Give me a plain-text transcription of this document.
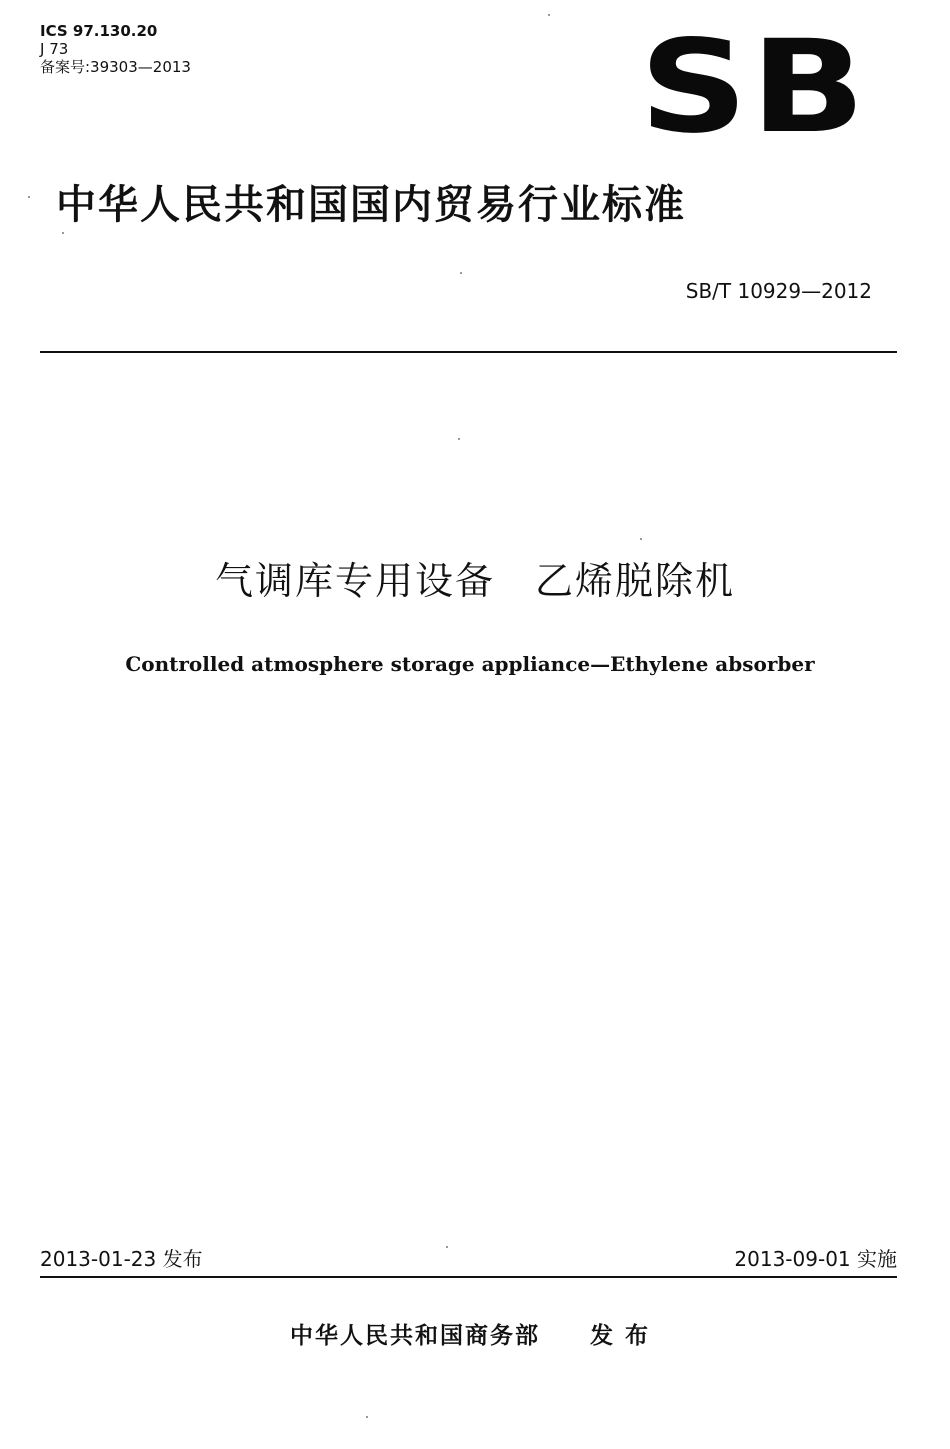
ICS 97.130.20
J 73
备案号:39303—2013	SB
中华人民共和国国内贸易行业标准
SB/T 10929—2012
气调库专用设备　乙烯脱除机
Controlled atmosphere storage appliance—Ethylene absorber
2013-01-23 发布	2013-09-01 实施
中华人民共和国商务部　　发 布
